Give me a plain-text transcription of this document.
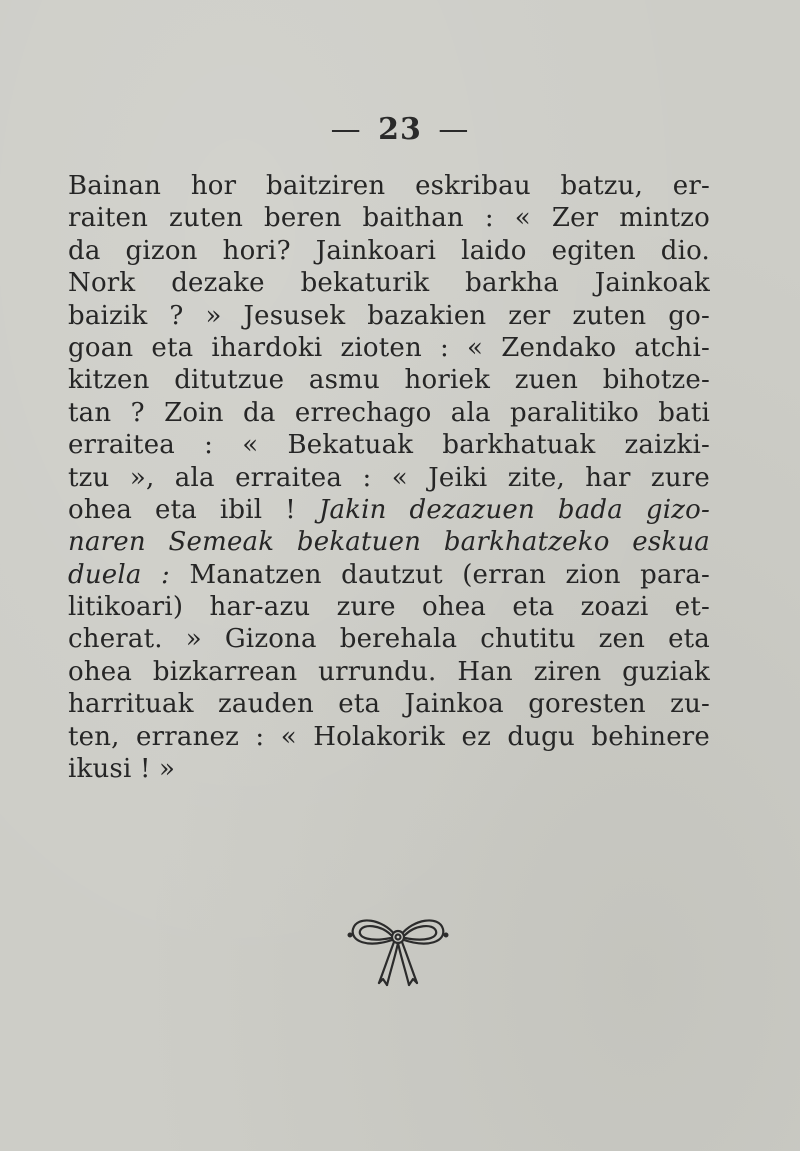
— 23 —
Bainan hor baitziren eskribau batzu, er-
raiten zuten beren baithan : « Zer mintzo
da gizon hori? Jainkoari laido egiten dio.
Nork dezake bekaturik barkha Jainkoak
baizik ? » Jesusek bazakien zer zuten go-
goan eta ihardoki zioten : « Zendako atchi-
kitzen ditutzue asmu horiek zuen bihotze-
tan ? Zoin da errechago ala paralitiko bati
erraitea : « Bekatuak barkhatuak zaizki-
tzu », ala erraitea : « Jeiki zite, har zure
ohea eta ibil ! Jakin dezazuen bada gizo-
naren Semeak bekatuen barkhatzeko eskua
duela : Manatzen dautzut (erran zion para-
litikoari) har-azu zure ohea eta zoazi et-
cherat. » Gizona berehala chutitu zen eta
ohea bizkarrean urrundu. Han ziren guziak
harrituak zauden eta Jainkoa goresten zu-
ten, erranez : « Holakorik ez dugu behinere
ikusi ! »
